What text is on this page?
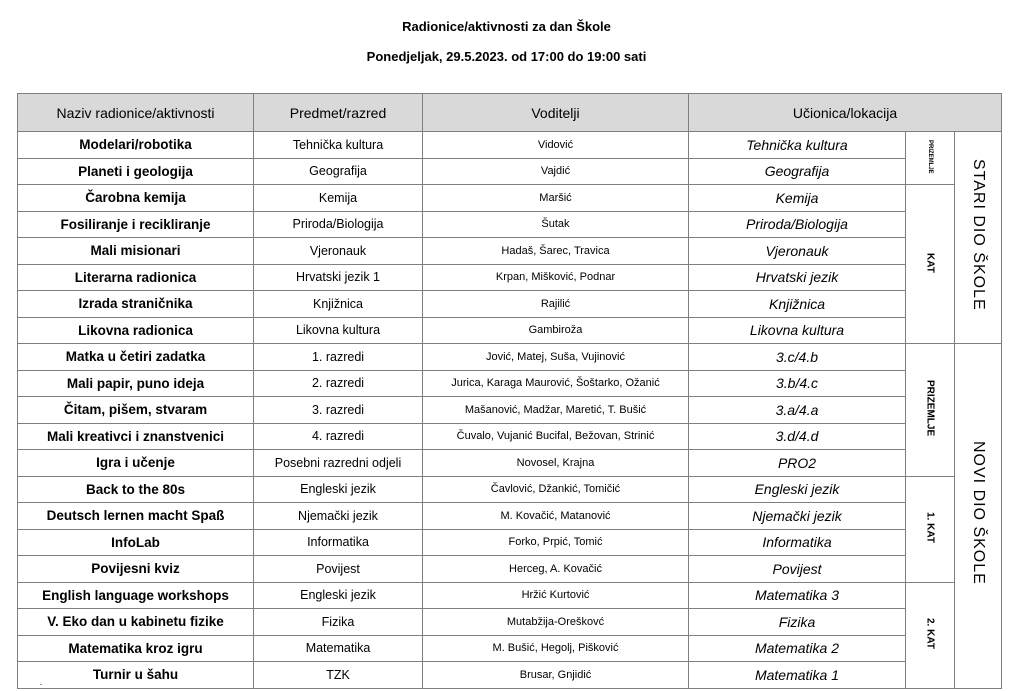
Radionice/aktivnosti za dan Škole
Ponedjeljak, 29.5.2023. od 17:00 do 19:00 sati
Naziv radionice/aktivnosti	Predmet/razred	Voditelji	Učionica/lokacija		
Modelari/robotika	Tehnička kultura	Vidović	Tehnička kultura	PRIZEMLJE	STARI DIO ŠKOLE
Planeti i geologija	Geografija	Vajdić	Geografija		
Čarobna kemija	Kemija	Maršić	Kemija	KAT	
Fosiliranje i recikliranje	Priroda/Biologija	Šutak	Priroda/Biologija		
Mali misionari	Vjeronauk	Hadaš, Šarec, Travica	Vjeronauk		
Literarna radionica	Hrvatski jezik 1	Krpan, Mišković, Podnar	Hrvatski jezik		
Izrada straničnika	Knjižnica	Rajilić	Knjižnica		
Likovna radionica	Likovna kultura	Gambiroža	Likovna kultura		
Matka u četiri zadatka	1. razredi	Jović, Matej, Suša, Vujinović	3.c/4.b	PRIZEMLJE	NOVI DIO ŠKOLE
Mali papir, puno ideja	2. razredi	Jurica, Karaga Maurović, Šoštarko, Ožanić	3.b/4.c		
Čitam, pišem, stvaram	3. razredi	Mašanović, Madžar, Maretić, T. Bušić	3.a/4.a		
Mali kreativci i znanstvenici	4. razredi	Čuvalo, Vujanić Bucifal, Bežovan, Strinić	3.d/4.d		
Igra i učenje	Posebni razredni odjeli	Novosel, Krajna	PRO2		
Back to the 80s	Engleski jezik	Čavlović, Džankić, Tomičić	Engleski jezik	1. KAT	
Deutsch lernen macht Spaß	Njemački jezik	M. Kovačić, Matanović	Njemački jezik		
InfoLab	Informatika	Forko, Prpić, Tomić	Informatika		
Povijesni kviz	Povijest	Herceg, A. Kovačić	Povijest		
English language workshops	Engleski jezik	Hržić Kurtović	Matematika 3	2. KAT	
V. Eko dan u kabinetu fizike	Fizika	Mutabžija-Oreškovć	Fizika		
Matematika kroz igru	Matematika	M. Bušić, Hegolj, Pišković	Matematika 2		
Turnir u šahu	TZK	Brusar, Gnjidić	Matematika 1		
